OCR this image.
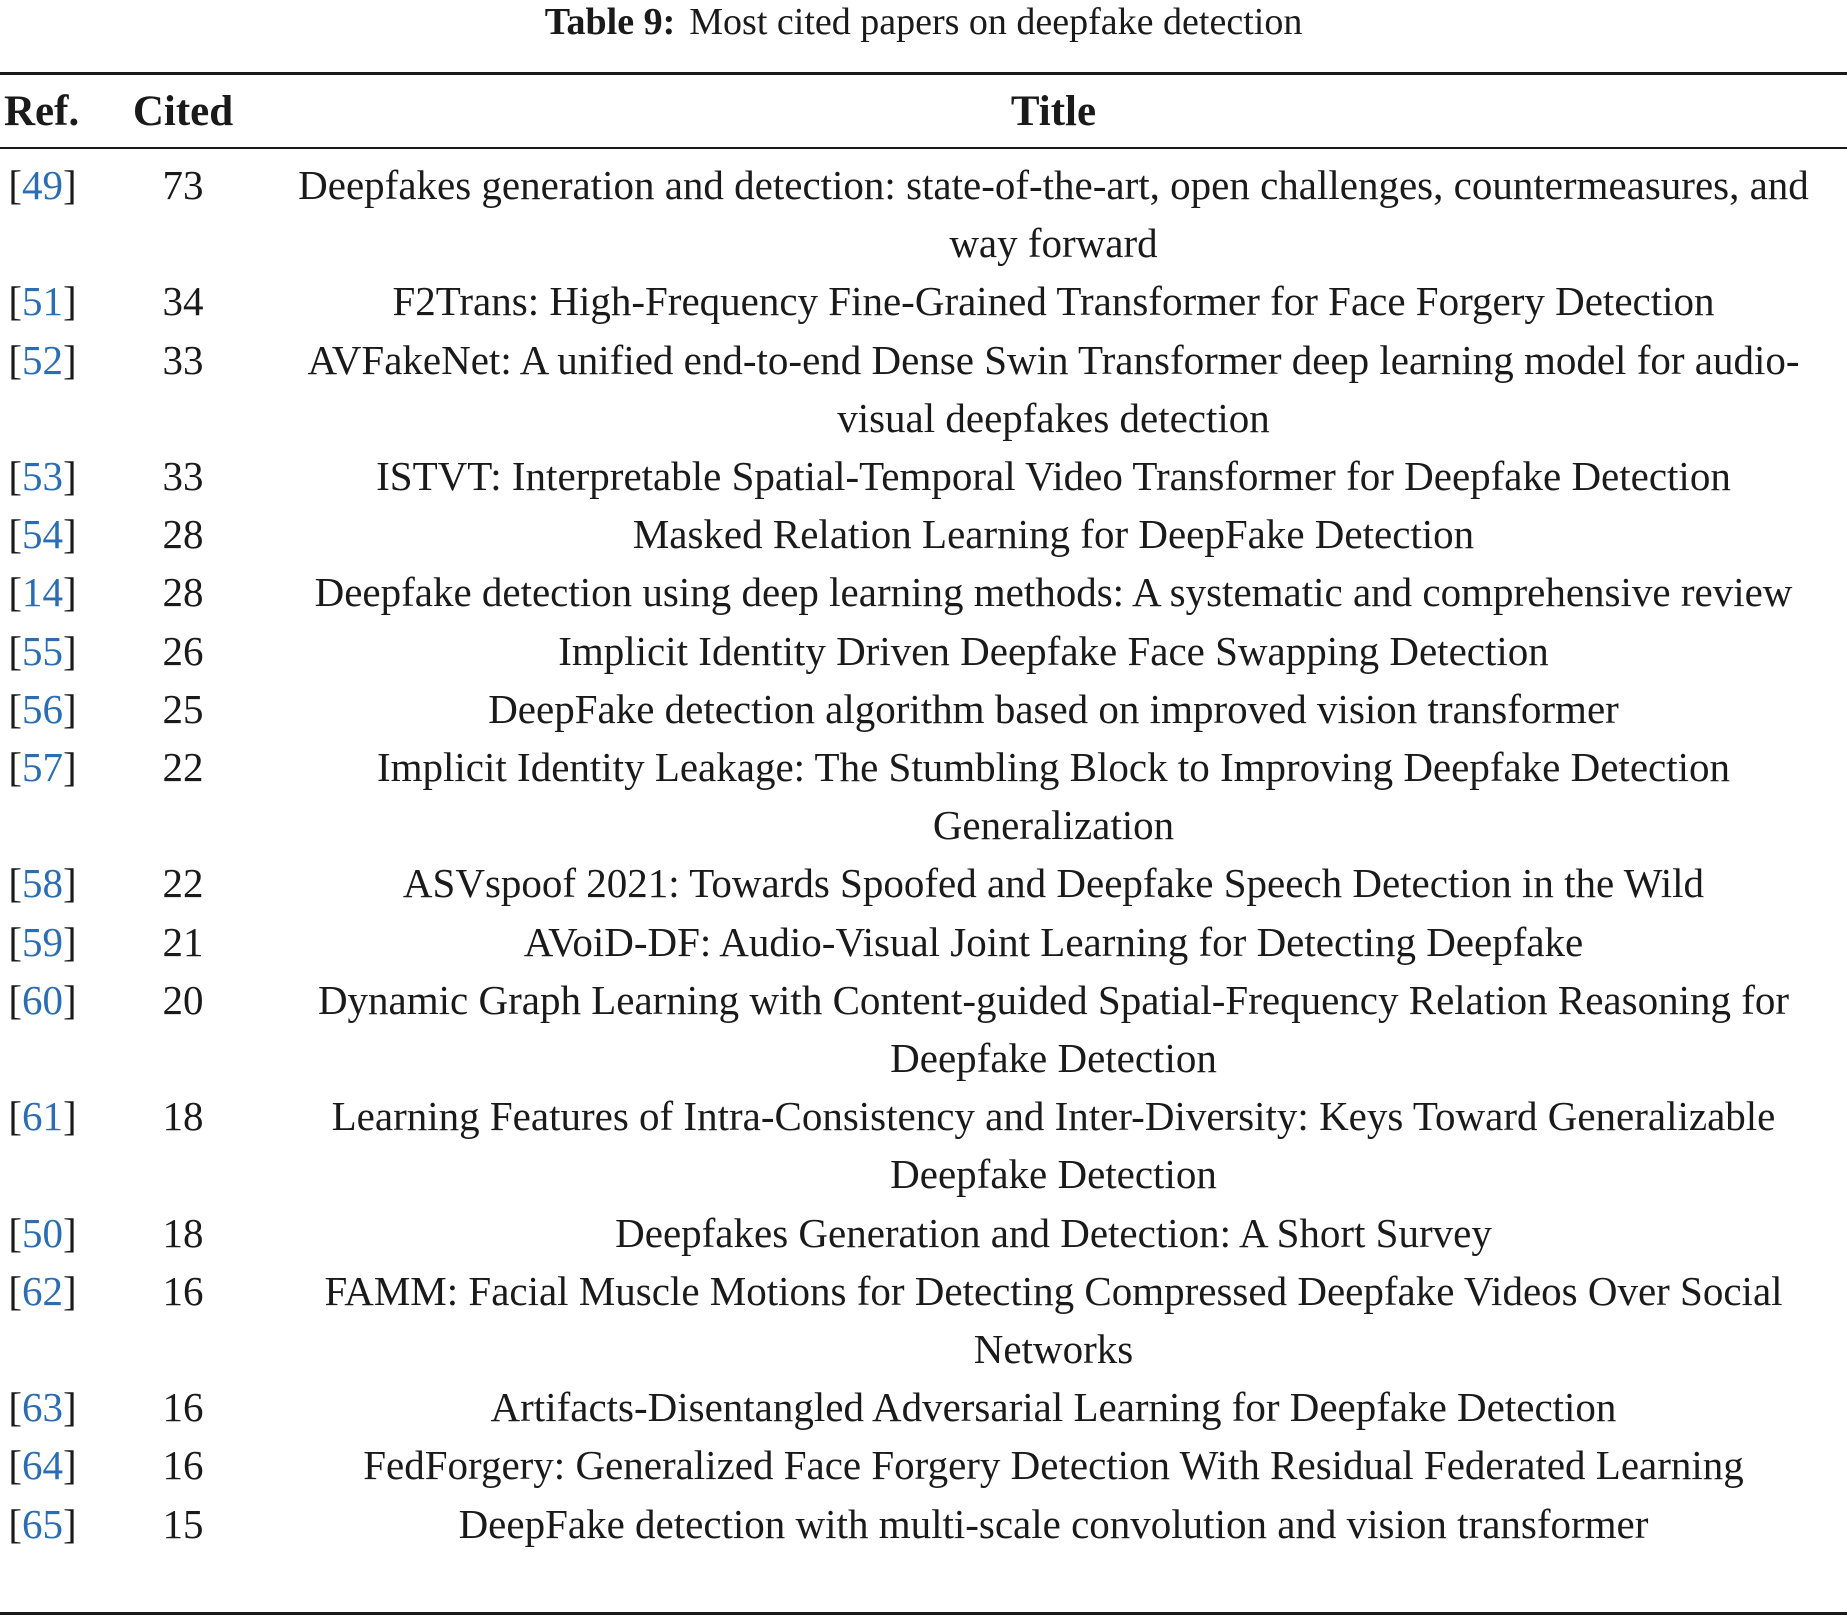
Table 9: Most cited papers on deepfake detection
Ref.	Cited	Title
[49]	73	Deepfakes generation and detection: state-of-the-art, open challenges, countermeasures, and way forward
[51]	34	F2Trans: High-Frequency Fine-Grained Transformer for Face Forgery Detection
[52]	33	AVFakeNet: A unified end-to-end Dense Swin Transformer deep learning model for audio-visual deepfakes detection
[53]	33	ISTVT: Interpretable Spatial-Temporal Video Transformer for Deepfake Detection
[54]	28	Masked Relation Learning for DeepFake Detection
[14]	28	Deepfake detection using deep learning methods: A systematic and comprehensive review
[55]	26	Implicit Identity Driven Deepfake Face Swapping Detection
[56]	25	DeepFake detection algorithm based on improved vision transformer
[57]	22	Implicit Identity Leakage: The Stumbling Block to Improving Deepfake Detection Generalization
[58]	22	ASVspoof 2021: Towards Spoofed and Deepfake Speech Detection in the Wild
[59]	21	AVoiD-DF: Audio-Visual Joint Learning for Detecting Deepfake
[60]	20	Dynamic Graph Learning with Content-guided Spatial-Frequency Relation Reasoning for Deepfake Detection
[61]	18	Learning Features of Intra-Consistency and Inter-Diversity: Keys Toward Generalizable Deepfake Detection
[50]	18	Deepfakes Generation and Detection: A Short Survey
[62]	16	FAMM: Facial Muscle Motions for Detecting Compressed Deepfake Videos Over Social Networks
[63]	16	Artifacts-Disentangled Adversarial Learning for Deepfake Detection
[64]	16	FedForgery: Generalized Face Forgery Detection With Residual Federated Learning
[65]	15	DeepFake detection with multi-scale convolution and vision transformer
